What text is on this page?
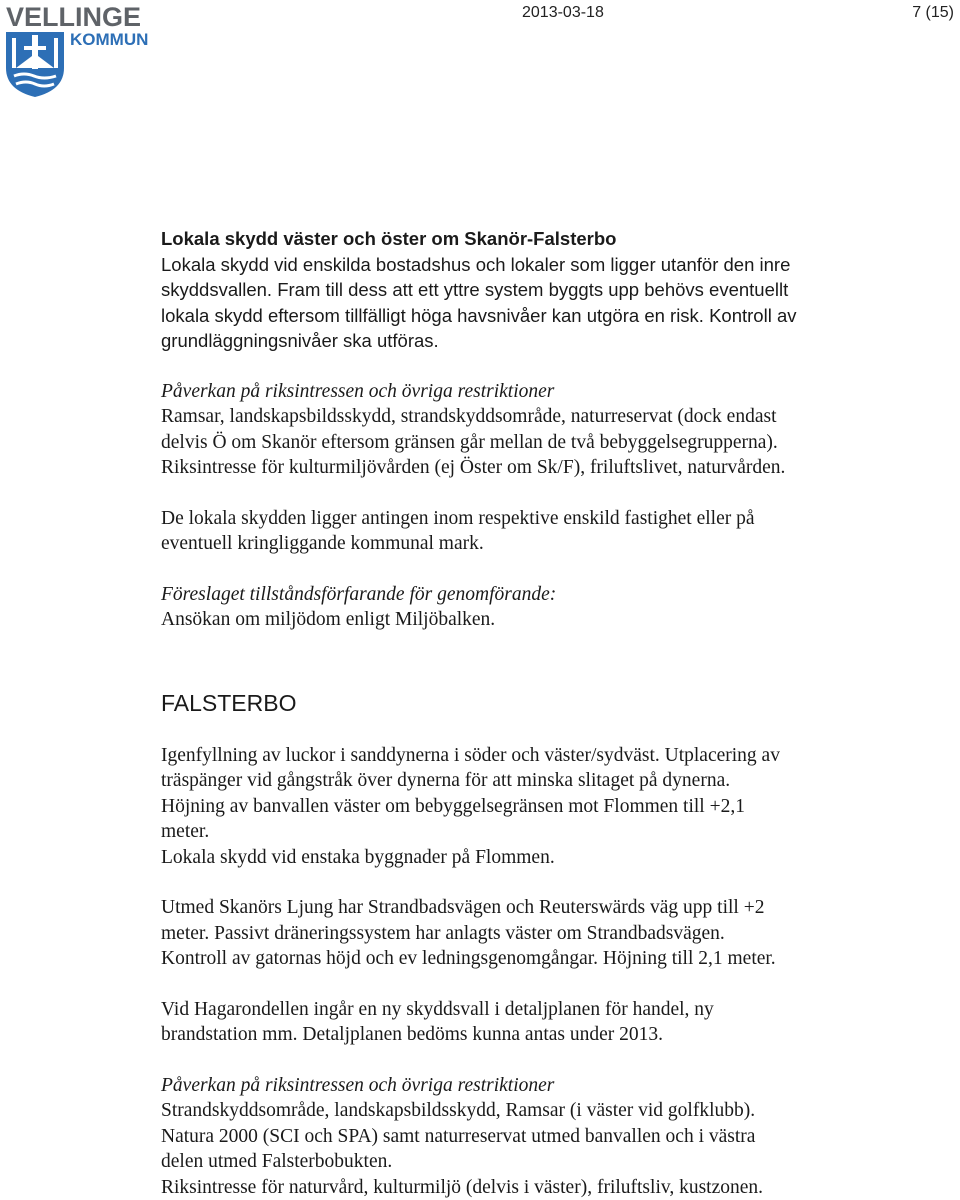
VELLINGE
KOMMUN
2013-03-18	7 (15)

Lokala skydd väster och öster om Skanör-Falsterbo

Lokala skydd vid enskilda bostadshus och lokaler som ligger utanför den inre
skyddsvallen. Fram till dess att ett yttre system byggts upp behövs eventuellt
lokala skydd eftersom tillfälligt höga havsnivåer kan utgöra en risk. Kontroll av
grundläggningsnivåer ska utföras.

Påverkan på riksintressen och övriga restriktioner

Ramsar, landskapsbildsskydd, strandskyddsområde, naturreservat (dock endast
delvis Ö om Skanör eftersom gränsen går mellan de två bebyggelsegrupperna).
Riksintresse för kulturmiljövården (ej Öster om Sk/F), friluftslivet, naturvården.

De lokala skydden ligger antingen inom respektive enskild fastighet eller på
eventuell kringliggande kommunal mark.

Föreslaget tillståndsförfarande för genomförande:

Ansökan om miljödom enligt Miljöbalken.

FALSTERBO

Igenfyllning av luckor i sanddynerna i söder och väster/sydväst. Utplacering av
träspänger vid gångstråk över dynerna för att minska slitaget på dynerna.
Höjning av banvallen väster om bebyggelsegränsen mot Flommen till +2,1
meter.
Lokala skydd vid enstaka byggnader på Flommen.

Utmed Skanörs Ljung har Strandbadsvägen och Reuterswärds väg upp till +2
meter. Passivt dräneringssystem har anlagts väster om Strandbadsvägen.
Kontroll av gatornas höjd och ev ledningsgenomgångar. Höjning till 2,1 meter.

Vid Hagarondellen ingår en ny skyddsvall i detaljplanen för handel, ny
brandstation mm. Detaljplanen bedöms kunna antas under 2013.

Påverkan på riksintressen och övriga restriktioner

Strandskyddsområde, landskapsbildsskydd, Ramsar (i väster vid golfklubb).
Natura 2000 (SCI och SPA) samt naturreservat utmed banvallen och i västra
delen utmed Falsterbobukten.
Riksintresse för naturvård, kulturmiljö (delvis i väster), friluftsliv, kustzonen.
